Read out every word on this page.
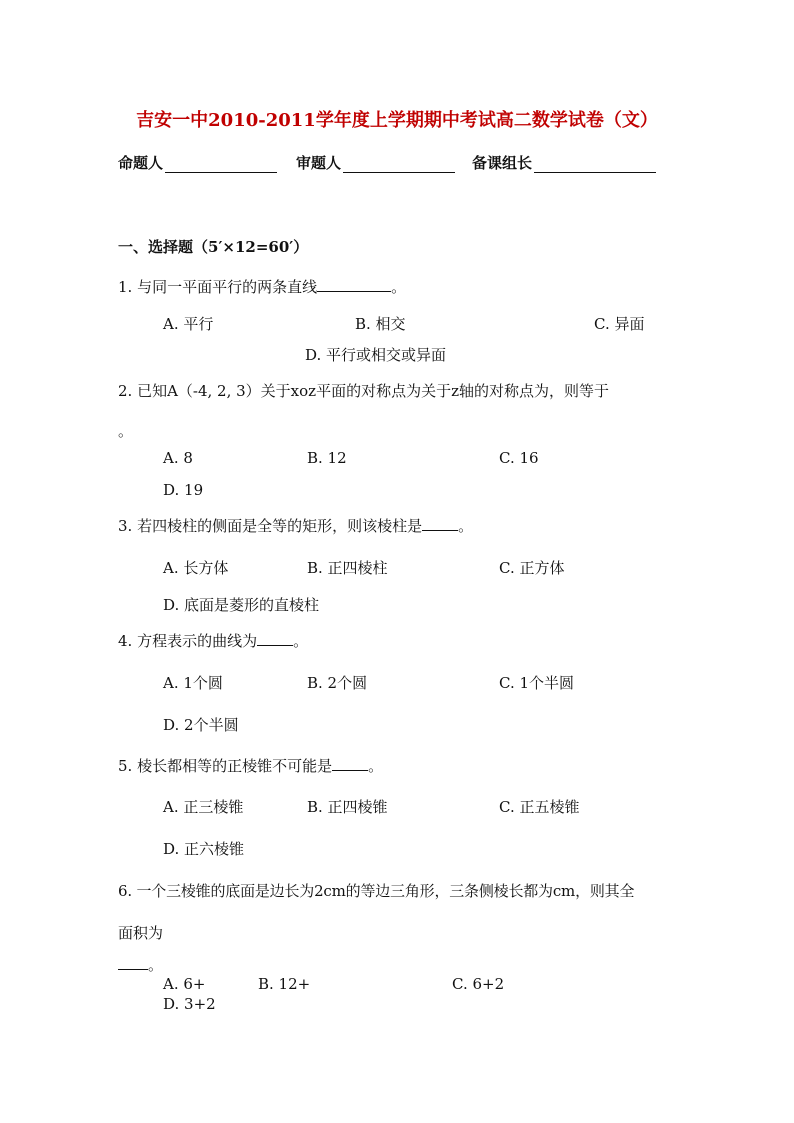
吉安一中2010-2011学年度上学期期中考试高二数学试卷（文）
命题人	审题人	备课组长
一、选择题（5′×12=60′）
1. 与同一平面平行的两条直线	。
A. 平行	B. 相交	C. 异面
D. 平行或相交或异面
2. 已知A（-4, 2, 3）关于xoz平面的对称点为关于z轴的对称点为，则等于
。
A. 8	B. 12	C. 16
D. 19
3. 若四棱柱的侧面是全等的矩形，则该棱柱是 。
A. 长方体	B. 正四棱柱	C. 正方体
D. 底面是菱形的直棱柱
4. 方程表示的曲线为 。
A. 1个圆	B. 2个圆	C. 1个半圆
D. 2个半圆
5. 棱长都相等的正棱锥不可能是 。
A. 正三棱锥	B. 正四棱锥	C. 正五棱锥
D. 正六棱锥
6. 一个三棱锥的底面是边长为2cm的等边三角形，三条侧棱长都为cm，则其全
面积为
。
A. 6+	B. 12+	C. 6+2
D. 3+2
